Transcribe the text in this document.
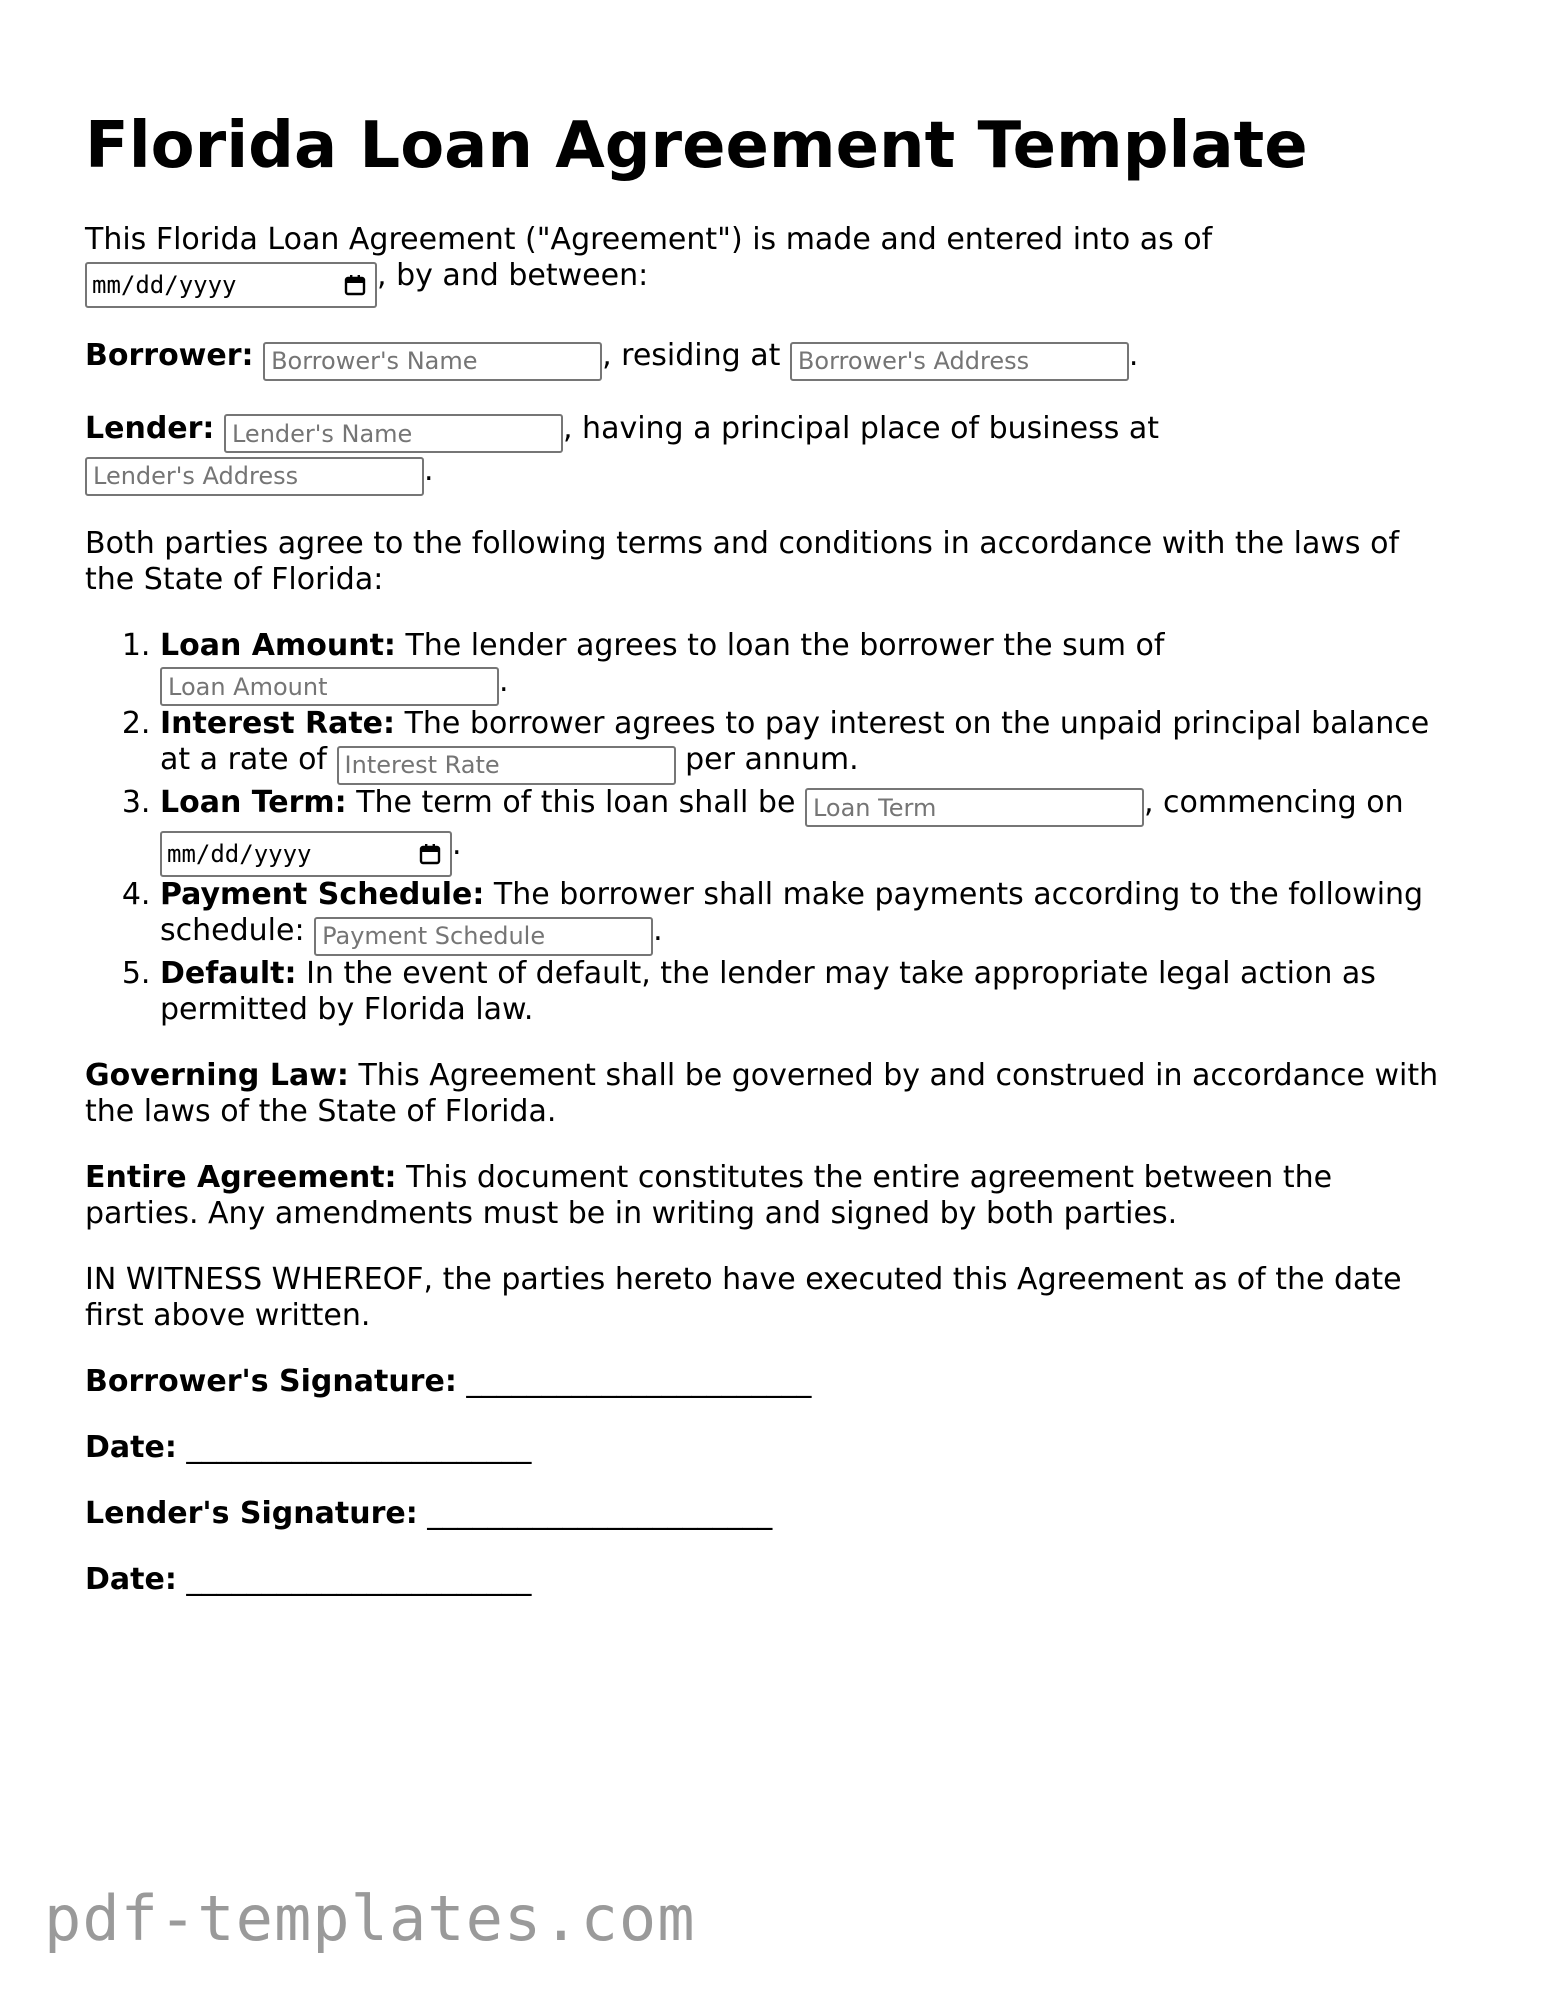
Florida Loan Agreement Template

This Florida Loan Agreement ("Agreement") is made and entered into as of

mm/dd/yyyy	, by and between:

Borrower: Borrower's Name	, residing at Borrower's Address	.

Lender: Lender's Name	, having a principal place of business at
Lender's Address.

Both parties agree to the following terms and conditions in accordance with the laws of the State of Florida:

1. Loan Amount: The lender agrees to loan the borrower the sum of
Loan Amount.
2. Interest Rate: The borrower agrees to pay interest on the unpaid principal balance at a rate of Interest Rate	per annum.
3. Loan Term: The term of this loan shall be Loan Term	, commencing on

mm/dd/yyyy	.
4. Payment Schedule: The borrower shall make payments according to the following schedule: Payment Schedule	.
5. Default: In the event of default, the lender may take appropriate legal action as permitted by Florida law.

Governing Law: This Agreement shall be governed by and construed in accordance with the laws of the State of Florida.

Entire Agreement: This document constitutes the entire agreement between the parties. Any amendments must be in writing and signed by both parties.

IN WITNESS WHEREOF, the parties hereto have executed this Agreement as of the date first above written.

Borrower's Signature: _______________________

Date: _______________________

Lender's Signature: _______________________

Date: _______________________

pdf-templates.com
